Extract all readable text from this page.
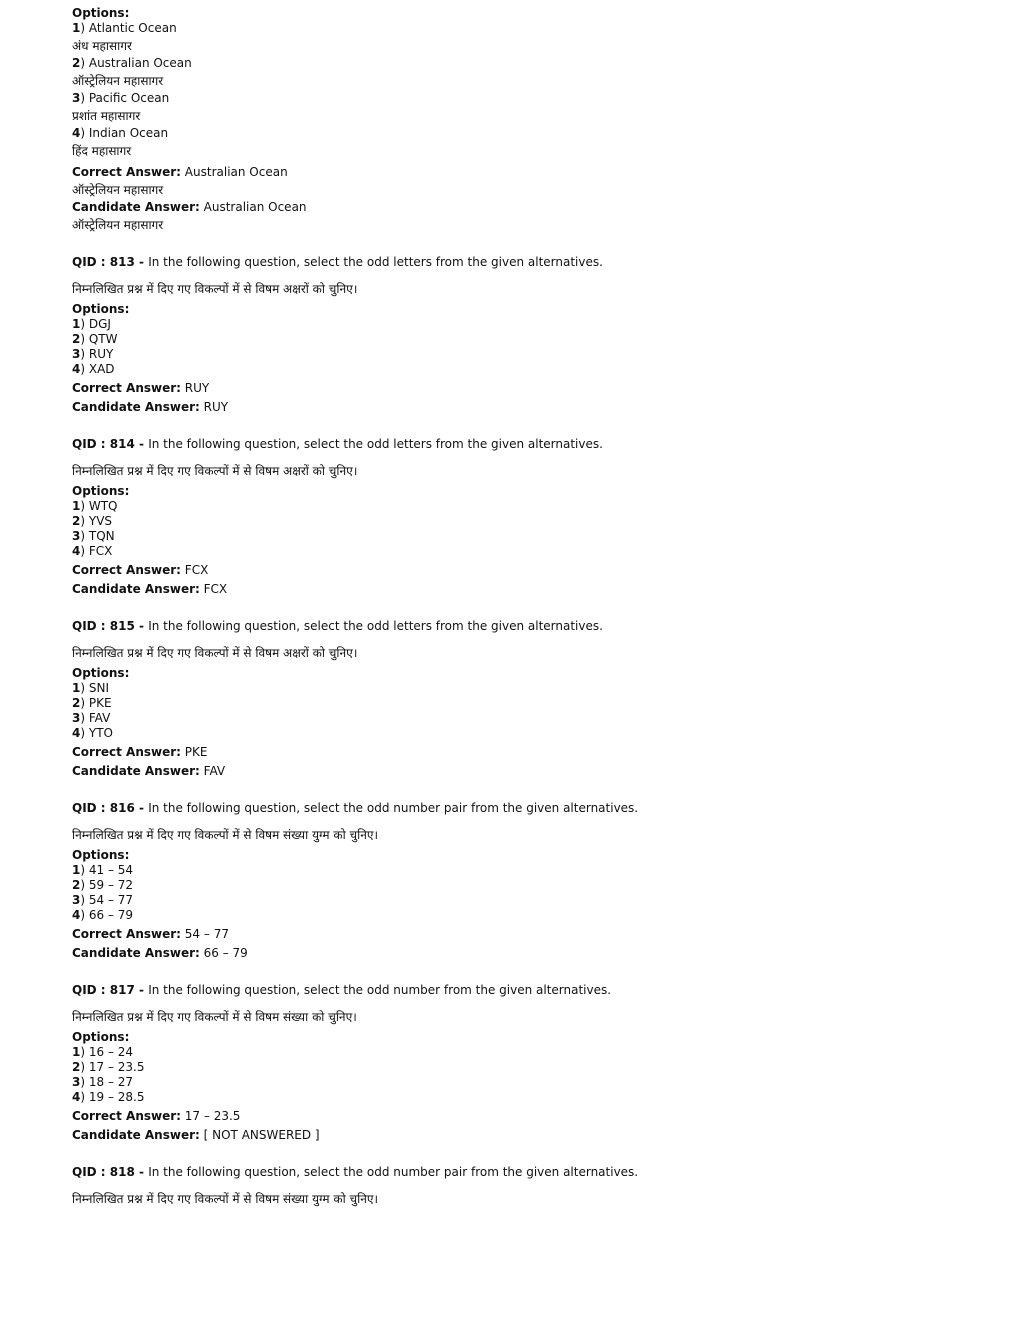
Options:
1) Atlantic Ocean
अंध महासागर
2) Australian Ocean
ऑस्ट्रेलियन महासागर
3) Pacific Ocean
प्रशांत महासागर
4) Indian Ocean
हिंद महासागर
Correct Answer: Australian Ocean
ऑस्ट्रेलियन महासागर
Candidate Answer: Australian Ocean
ऑस्ट्रेलियन महासागर
QID : 813 - In the following question, select the odd letters from the given alternatives.
निम्नलिखित प्रश्न में दिए गए विकल्पों में से विषम अक्षरों को चुनिए।
Options:
1) DGJ
2) QTW
3) RUY
4) XAD
Correct Answer: RUY
Candidate Answer: RUY
QID : 814 - In the following question, select the odd letters from the given alternatives.
निम्नलिखित प्रश्न में दिए गए विकल्पों में से विषम अक्षरों को चुनिए।
Options:
1) WTQ
2) YVS
3) TQN
4) FCX
Correct Answer: FCX
Candidate Answer: FCX
QID : 815 - In the following question, select the odd letters from the given alternatives.
निम्नलिखित प्रश्न में दिए गए विकल्पों में से विषम अक्षरों को चुनिए।
Options:
1) SNI
2) PKE
3) FAV
4) YTO
Correct Answer: PKE
Candidate Answer: FAV
QID : 816 - In the following question, select the odd number pair from the given alternatives.
निम्नलिखित प्रश्न में दिए गए विकल्पों में से विषम संख्या युग्म को चुनिए।
Options:
1) 41 – 54
2) 59 – 72
3) 54 – 77
4) 66 – 79
Correct Answer: 54 – 77
Candidate Answer: 66 – 79
QID : 817 - In the following question, select the odd number from the given alternatives.
निम्नलिखित प्रश्न में दिए गए विकल्पों में से विषम संख्या को चुनिए।
Options:
1) 16 – 24
2) 17 – 23.5
3) 18 – 27
4) 19 – 28.5
Correct Answer: 17 – 23.5
Candidate Answer: [ NOT ANSWERED ]
QID : 818 - In the following question, select the odd number pair from the given alternatives.
निम्नलिखित प्रश्न में दिए गए विकल्पों में से विषम संख्या युग्म को चुनिए।
